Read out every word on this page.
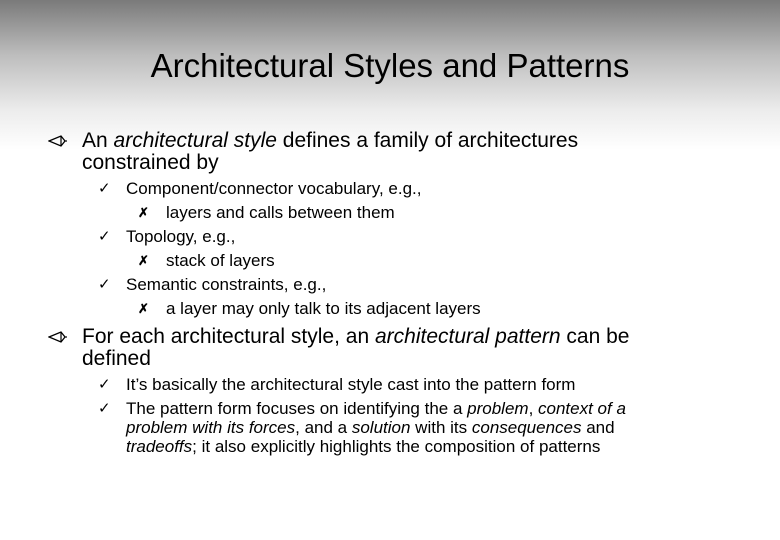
Architectural Styles and Patterns
An architectural style defines a family of architectures
constrained by
✓ Component/connector vocabulary, e.g.,
✗ layers and calls between them
✓ Topology, e.g.,
✗ stack of layers
✓ Semantic constraints, e.g.,
✗ a layer may only talk to its adjacent layers
For each architectural style, an architectural pattern can be
defined
✓ It’s basically the architectural style cast into the pattern form
✓ The pattern form focuses on identifying the a problem, context of a
problem with its forces, and a solution with its consequences and
tradeoffs; it also explicitly highlights the composition of patterns
